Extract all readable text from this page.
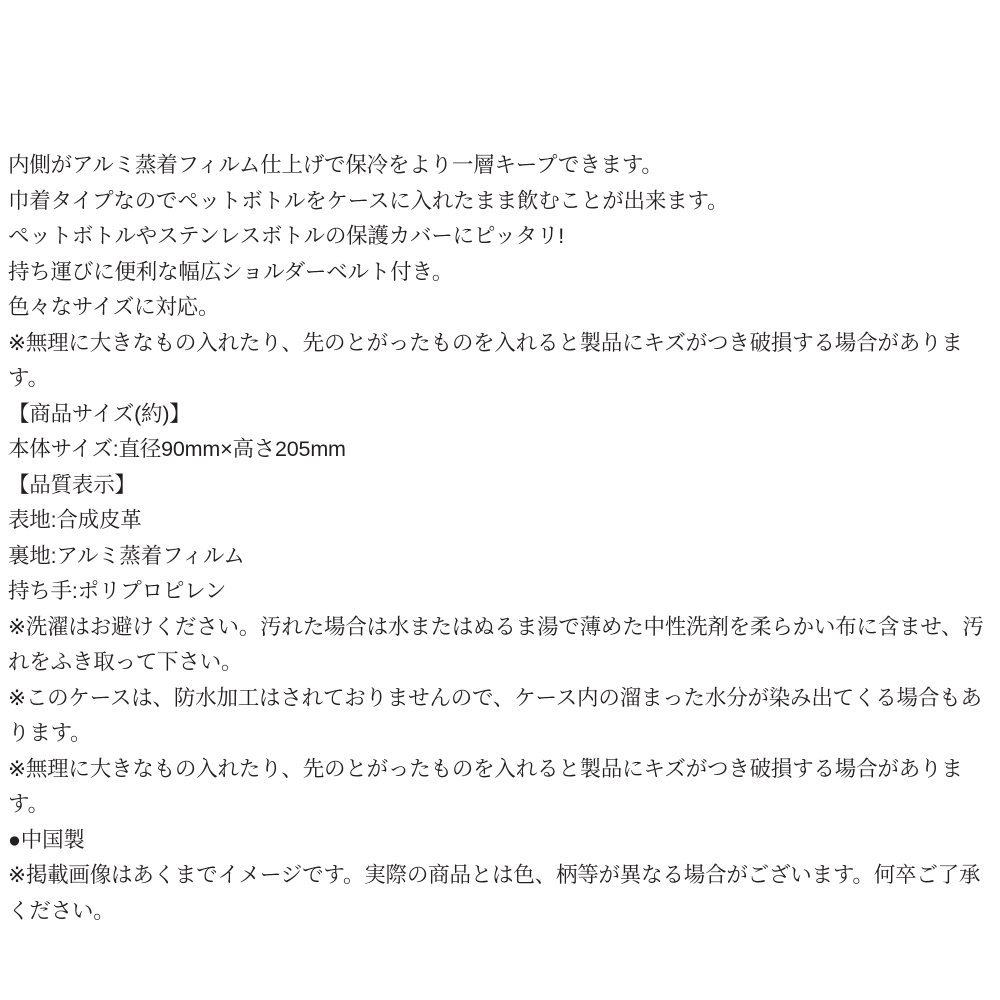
内側がアルミ蒸着フィルム仕上げで保冷をより一層キープできます。
巾着タイプなのでペットボトルをケースに入れたまま飲むことが出来ます。
ペットボトルやステンレスボトルの保護カバーにピッタリ!
持ち運びに便利な幅広ショルダーベルト付き。
色々なサイズに対応。
※無理に大きなもの入れたり、先のとがったものを入れると製品にキズがつき破損する場合があります。
【商品サイズ(約)】
本体サイズ:直径90mm×高さ205mm
【品質表示】
表地:合成皮革
裏地:アルミ蒸着フィルム
持ち手:ポリプロピレン
※洗濯はお避けください。汚れた場合は水またはぬるま湯で薄めた中性洗剤を柔らかい布に含ませ、汚れをふき取って下さい。
※このケースは、防水加工はされておりませんので、ケース内の溜まった水分が染み出てくる場合もあります。
※無理に大きなもの入れたり、先のとがったものを入れると製品にキズがつき破損する場合があります。
●中国製
※掲載画像はあくまでイメージです。実際の商品とは色、柄等が異なる場合がございます。何卒ご了承ください。
